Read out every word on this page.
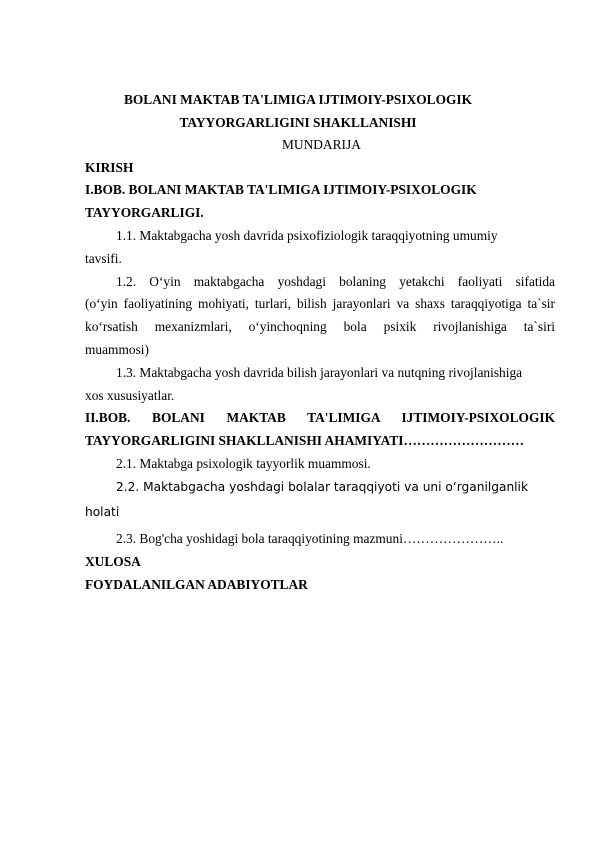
BOLANI MAKTAB TA'LIMIGA IJTIMOIY-PSIXOLOGIK
TAYYORGARLIGINI SHAKLLANISHI
MUNDARIJA
KIRISH
I.BOB. BOLANI MAKTAB TA'LIMIGA IJTIMOIY-PSIXOLOGIK
TAYYORGARLIGI.
1.1. Maktabgacha yosh davrida psixofiziologik taraqqiyotning umumiy
tavsifi.
1.2. O‘yin maktabgacha yoshdagi bolaning yetakchi faoliyati sifatida
(o‘yin faoliyatining mohiyati, turlari, bilish jarayonlari va shaxs taraqqiyotiga ta`sir
ko‘rsatish mexanizmlari, o‘yinchoqning bola psixik rivojlanishiga ta`siri
muammosi)
1.3. Maktabgacha yosh davrida bilish jarayonlari va nutqning rivojlanishiga
xos xususiyatlar.
II.BOB. BOLANI MAKTAB TA'LIMIGA IJTIMOIY-PSIXOLOGIK
TAYYORGARLIGINI SHAKLLANISHI AHAMIYATI………………………
2.1. Maktabga psixologik tayyorlik muammosi.
2.2. Maktabgacha yoshdagi bolalar taraqqiyoti va uni o‘rganilganlik
holati
2.3. Bog'cha yoshidagi bola taraqqiyotining mazmuni…………………..
XULOSA
FOYDALANILGAN ADABIYOTLAR
